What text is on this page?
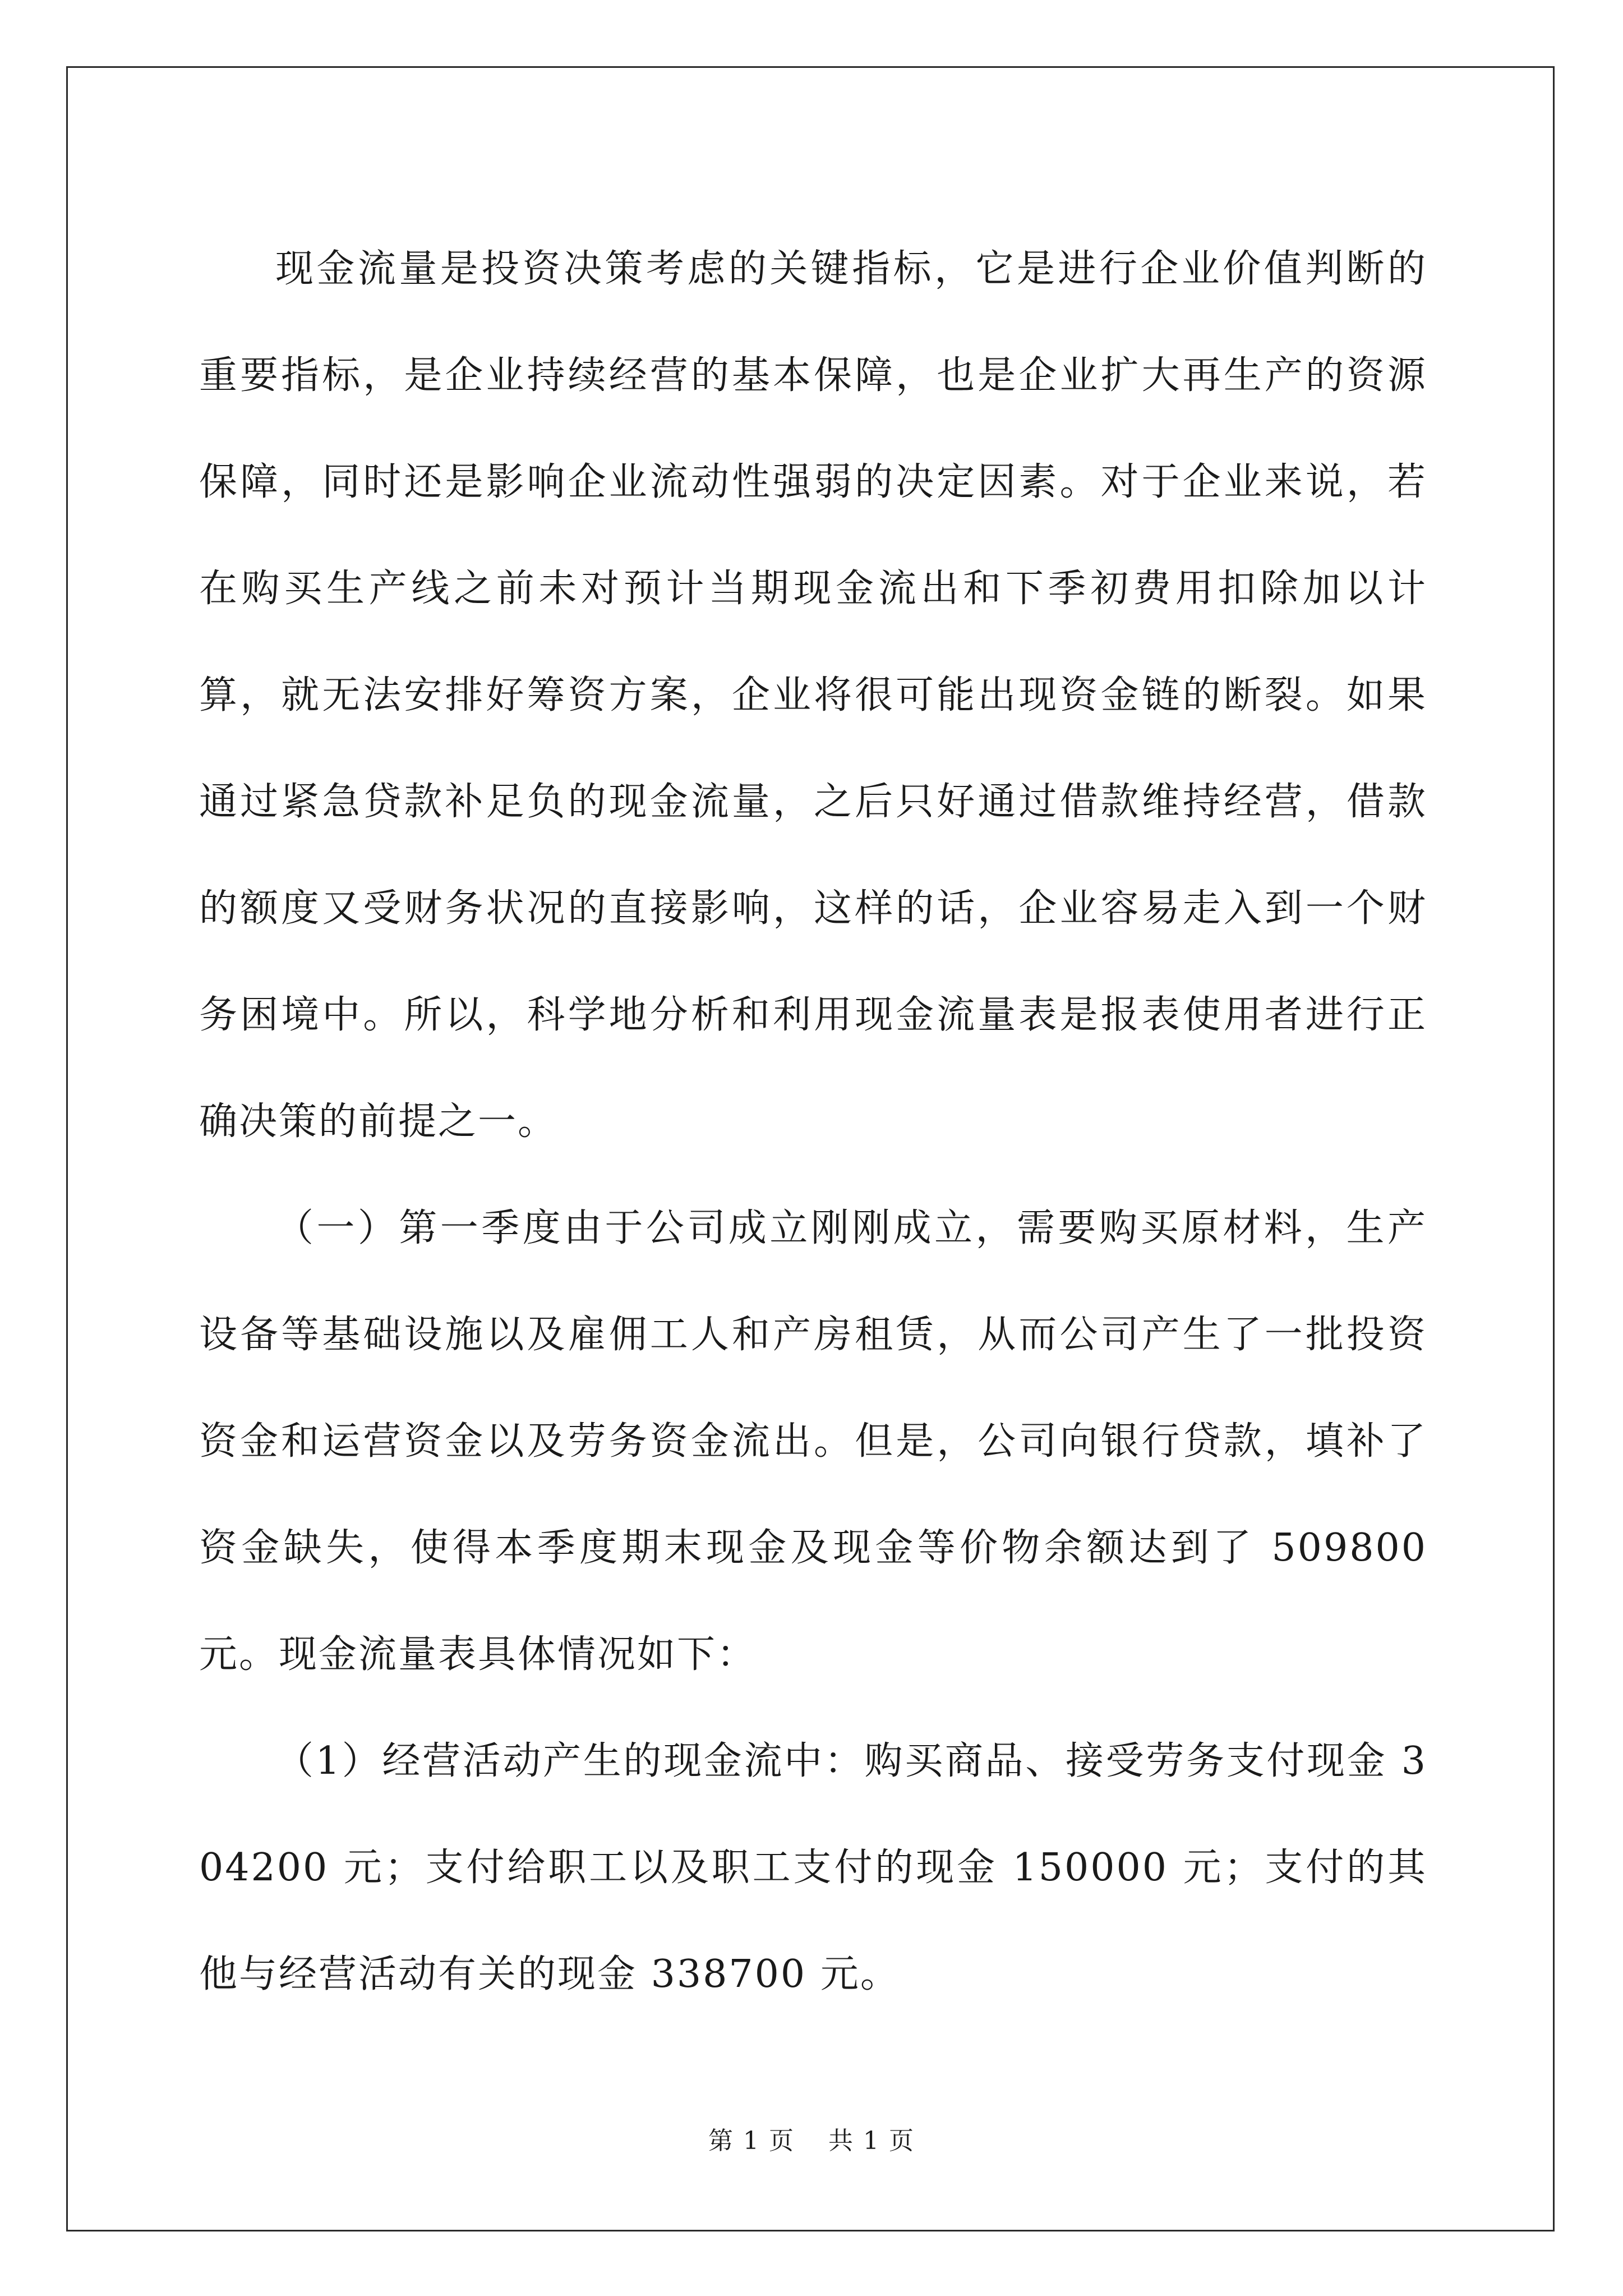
现金流量是投资决策考虑的关键指标，它是进行企业价值判断的重要指标，是企业持续经营的基本保障，也是企业扩大再生产的资源保障，同时还是影响企业流动性强弱的决定因素。对于企业来说，若在购买生产线之前未对预计当期现金流出和下季初费用扣除加以计算，就无法安排好筹资方案，企业将很可能出现资金链的断裂。如果通过紧急贷款补足负的现金流量，之后只好通过借款维持经营，借款的额度又受财务状况的直接影响，这样的话，企业容易走入到一个财务困境中。所以，科学地分析和利用现金流量表是报表使用者进行正确决策的前提之一。

（一）第一季度由于公司成立刚刚成立，需要购买原材料，生产设备等基础设施以及雇佣工人和产房租赁，从而公司产生了一批投资资金和运营资金以及劳务资金流出。但是，公司向银行贷款，填补了资金缺失，使得本季度期末现金及现金等价物余额达到了 509800 元。现金流量表具体情况如下：

（1）经营活动产生的现金流中：购买商品、接受劳务支付现金 304200 元；支付给职工以及职工支付的现金 150000 元；支付的其他与经营活动有关的现金 338700 元。

第 1 页 共 1 页
